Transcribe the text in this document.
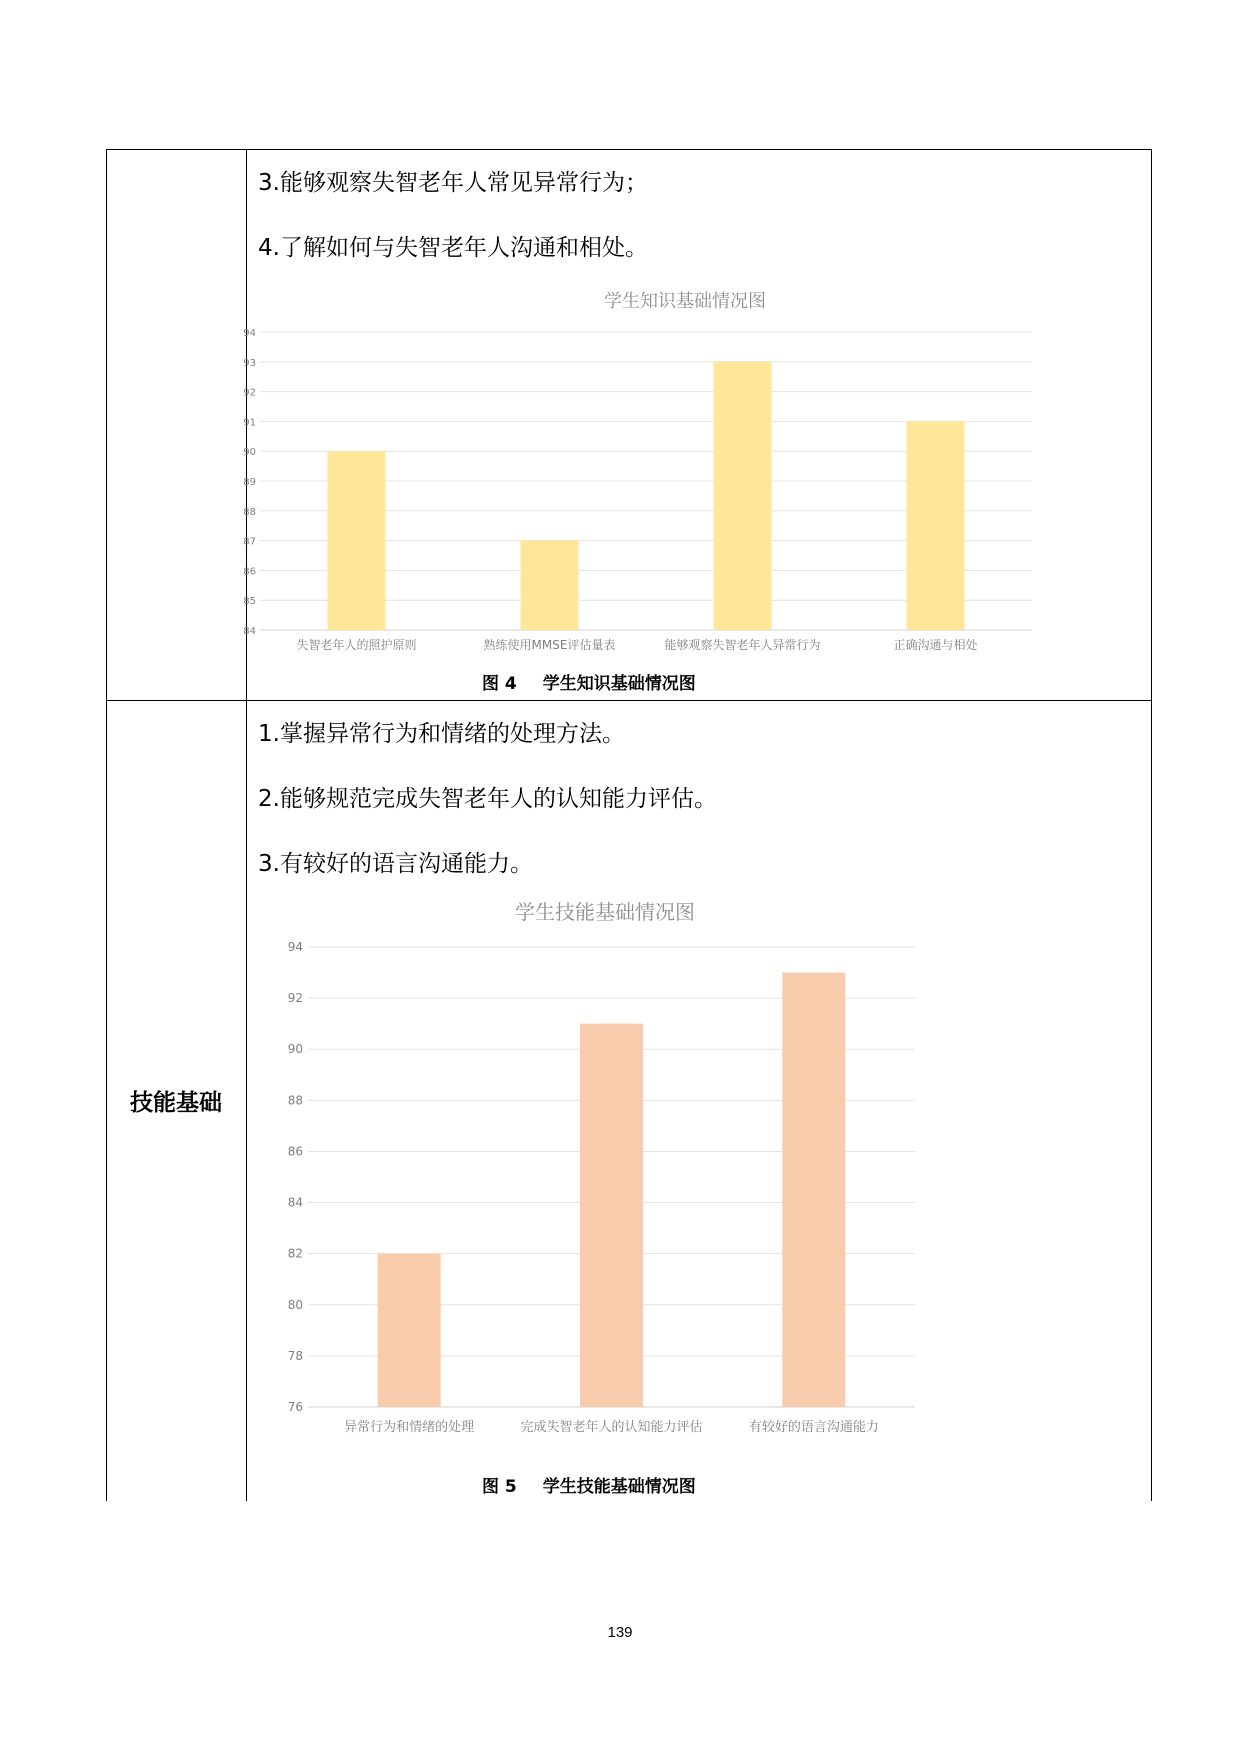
3.能够观察失智老年人常见异常行为；
4.了解如何与失智老年人沟通和相处。
学生知识基础情况图
84
85
86
87
88
89
90
91
92
93
94
失智老年人的照护原则	熟练使用MMSE评估量表	能够观察失智老年人异常行为	正确沟通与相处
图 4 学生知识基础情况图
技能基础
1.掌握异常行为和情绪的处理方法。
2.能够规范完成失智老年人的认知能力评估。
3.有较好的语言沟通能力。
学生技能基础情况图
76
78
80
82
84
86
88
90
92
94
异常行为和情绪的处理	完成失智老年人的认知能力评估	有较好的语言沟通能力
图 5 学生技能基础情况图
139
